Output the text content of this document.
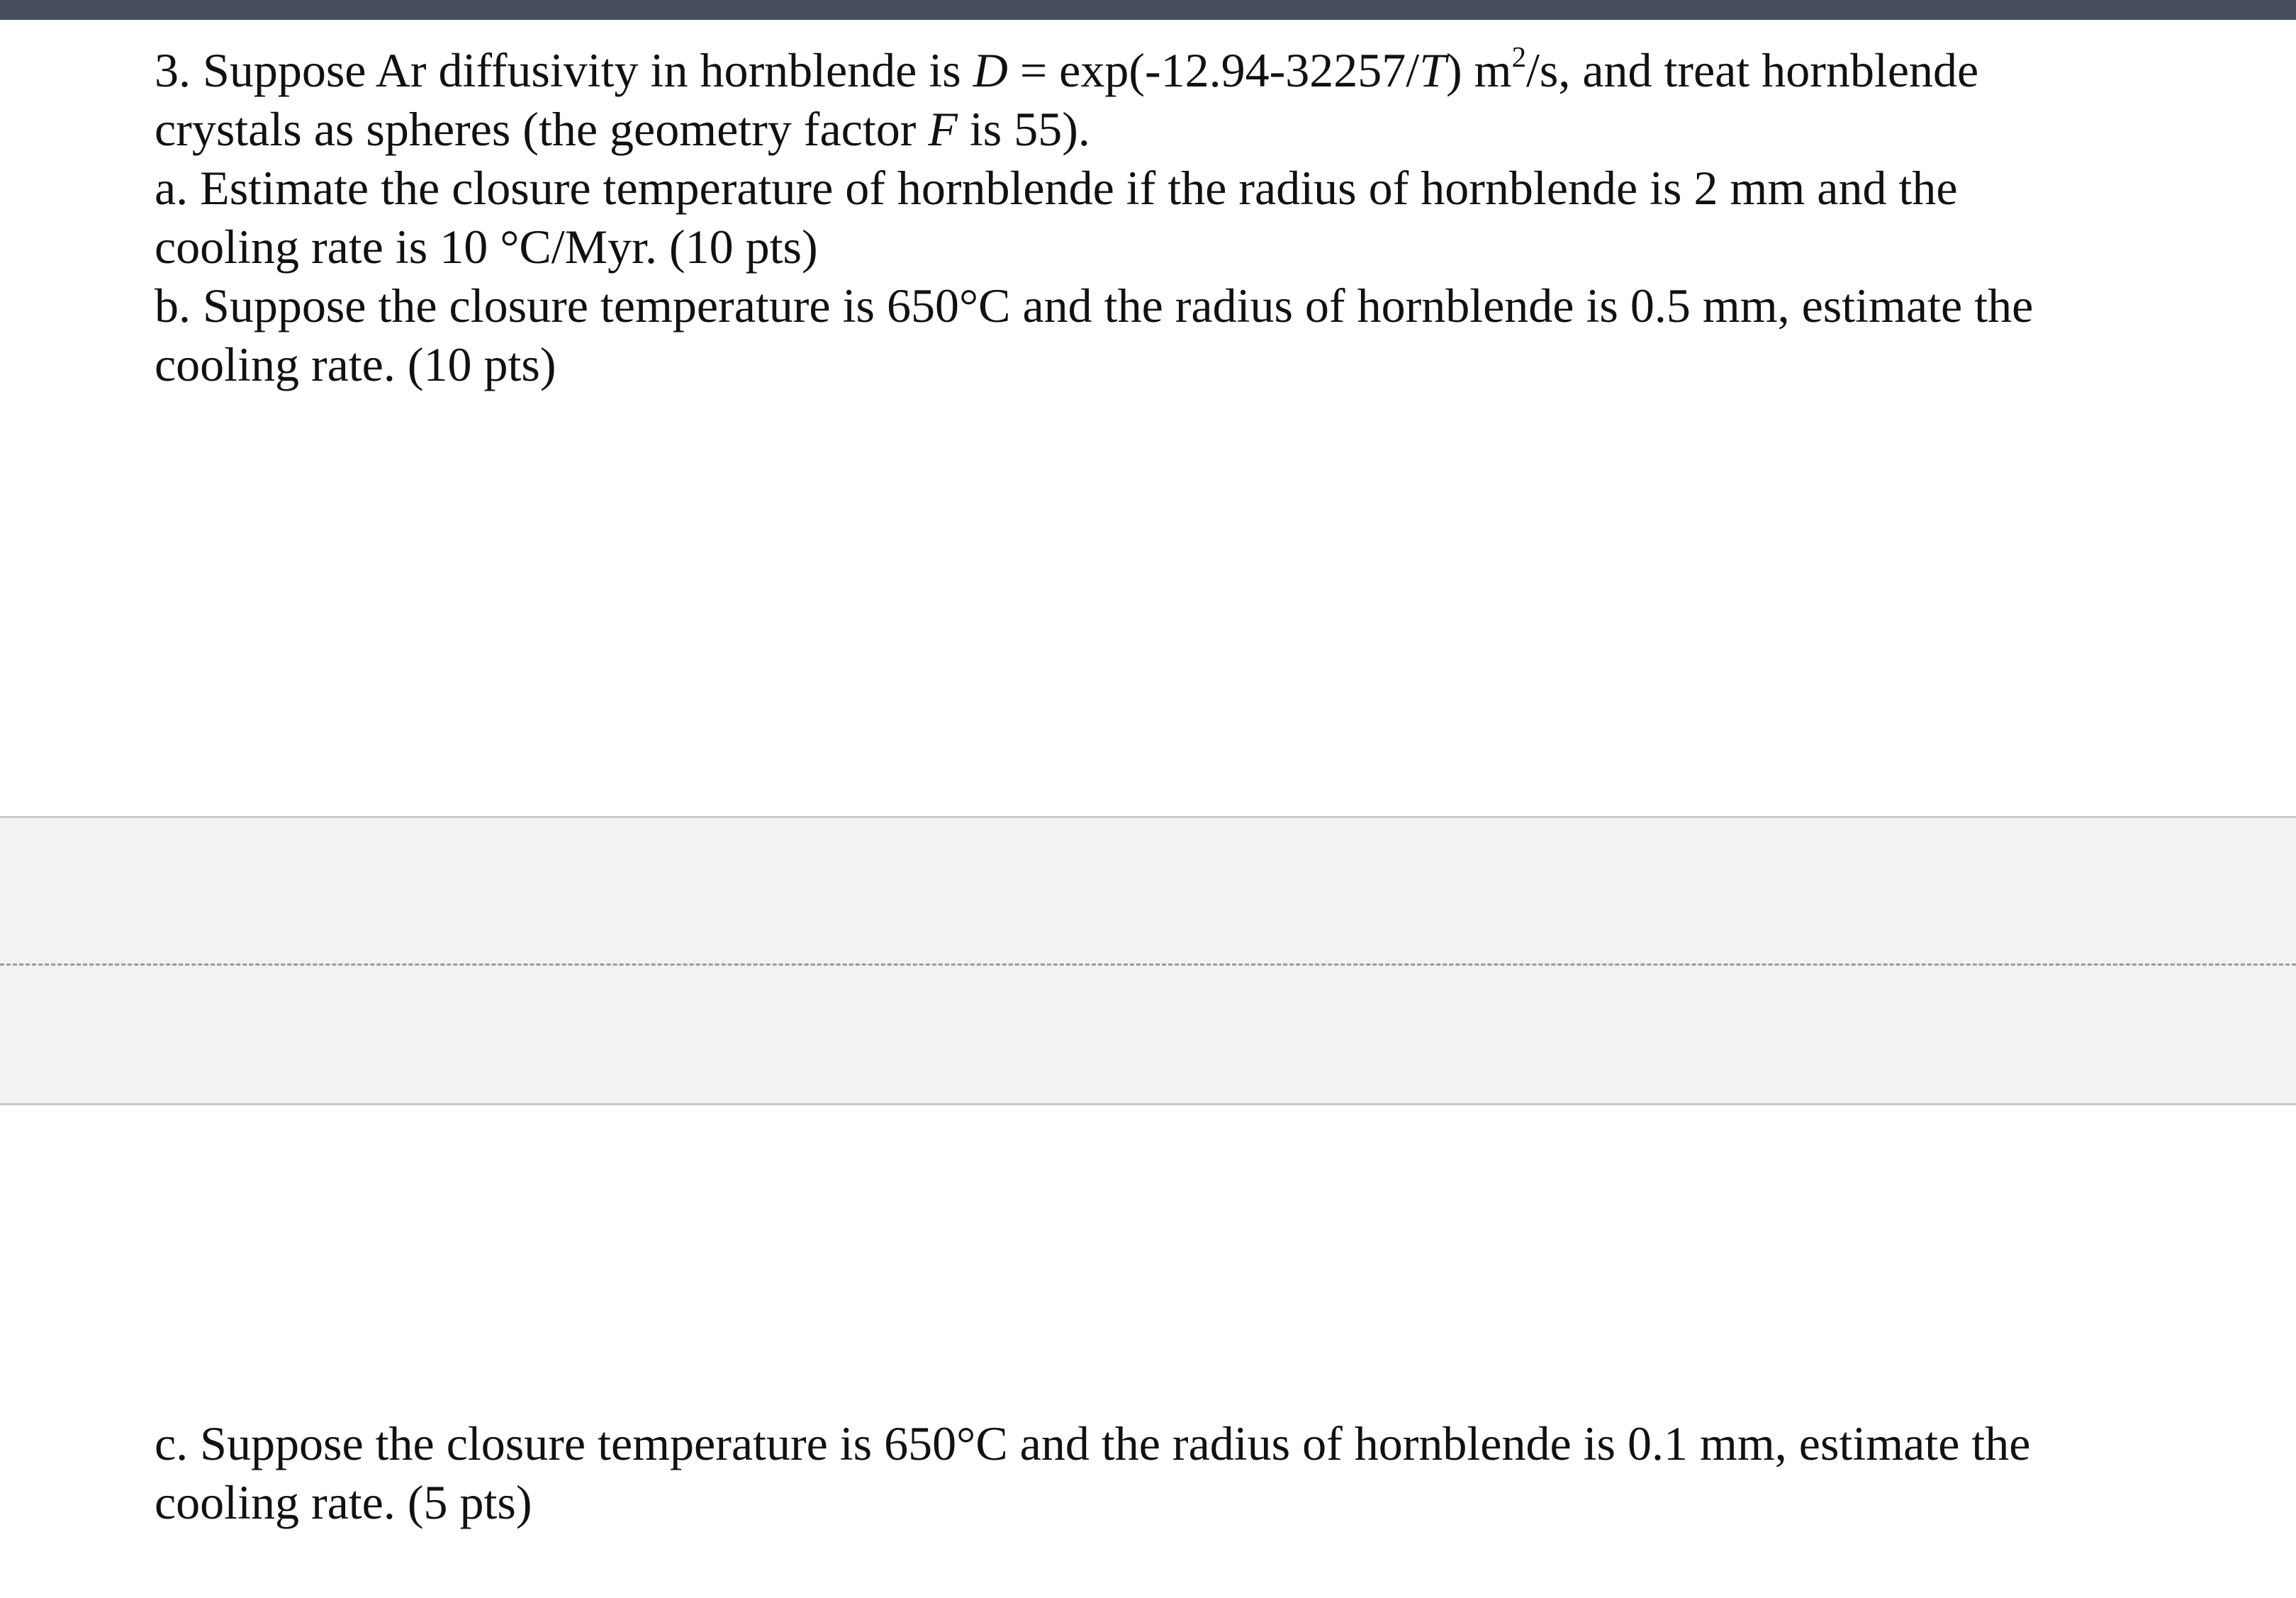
3. Suppose Ar diffusivity in hornblende is D = exp(-12.94-32257/T) $m^2/s$, and treat hornblende
crystals as spheres (the geometry factor F is 55).
a. Estimate the closure temperature of hornblende if the radius of hornblende is 2 mm and the
cooling rate is 10 °C/Myr. (10 pts)
b. Suppose the closure temperature is 650°C and the radius of hornblende is 0.5 mm, estimate the
cooling rate. (10 pts)
c. Suppose the closure temperature is 650°C and the radius of hornblende is 0.1 mm, estimate the
cooling rate. (5 pts)
